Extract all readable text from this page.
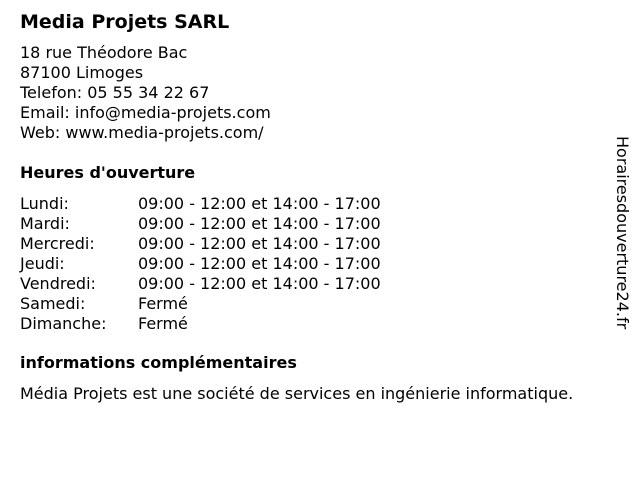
Media Projets SARL
18 rue Théodore Bac
87100 Limoges
Telefon: 05 55 34 22 67
Email: info@media-projets.com
Web: www.media-projets.com/
Heures d'ouverture
Lundi:	09:00 - 12:00 et 14:00 - 17:00
Mardi:	09:00 - 12:00 et 14:00 - 17:00
Mercredi:	09:00 - 12:00 et 14:00 - 17:00
Jeudi:	09:00 - 12:00 et 14:00 - 17:00
Vendredi:	09:00 - 12:00 et 14:00 - 17:00
Samedi:	Fermé
Dimanche: Fermé
informations complémentaires
Média Projets est une société de services en ingénierie informatique.
Horairesdouverture24.fr
